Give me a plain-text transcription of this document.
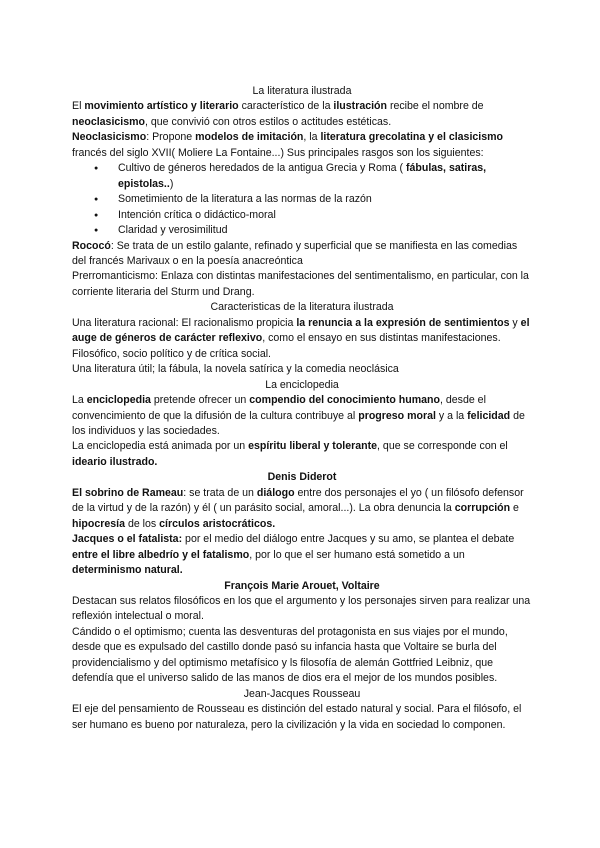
La literatura ilustrada

El movimiento artístico y literario característico de la ilustración recibe el nombre de neoclasicismo, que convivió con otros estilos o actitudes estéticas.

Neoclasicismo: Propone modelos de imitación, la literatura grecolatina y el clasicismo francés del siglo XVII( Moliere La Fontaine...) Sus principales rasgos son los siguientes:

● Cultivo de géneros heredados de la antigua Grecia y Roma ( fábulas, satiras, epistolas..)
● Sometimiento de la literatura a las normas de la razón
● Intención crítica o didáctico-moral
● Claridad y verosimilitud

Rococó: Se trata de un estilo galante, refinado y superficial que se manifiesta en las comedias del francés Marivaux o en la poesía anacreóntica

Prerromanticismo: Enlaza con distintas manifestaciones del sentimentalismo, en particular, con la corriente literaria del Sturm und Drang.

Caracteristicas de la literatura ilustrada

Una literatura racional: El racionalismo propicia la renuncia a la expresión de sentimientos y el auge de géneros de carácter reflexivo, como el ensayo en sus distintas manifestaciones.

Filosófico, socio político y de crítica social.

Una literatura útil; la fábula, la novela satírica y la comedia neoclásica

La enciclopedia

La enciclopedia pretende ofrecer un compendio del conocimiento humano, desde el convencimiento de que la difusión de la cultura contribuye al progreso moral y a la felicidad de los individuos y las sociedades.

La enciclopedia está animada por un espíritu liberal y tolerante, que se corresponde con el ideario ilustrado.

Denis Diderot

El sobrino de Rameau: se trata de un diálogo entre dos personajes el yo ( un filósofo defensor de la virtud y de la razón) y él ( un parásito social, amoral...). La obra denuncia la corrupción e hipocresía de los círculos aristocráticos.

Jacques o el fatalista: por el medio del diálogo entre Jacques y su amo, se plantea el debate entre el libre albedrío y el fatalismo, por lo que el ser humano está sometido a un determinismo natural.

François Marie Arouet, Voltaire

Destacan sus relatos filosóficos en los que el argumento y los personajes sirven para realizar una reflexión intelectual o moral.

Cándido o el optimismo; cuenta las desventuras del protagonista en sus viajes por el mundo, desde que es expulsado del castillo donde pasó su infancia hasta que Voltaire se burla del providencialismo y del optimismo metafísico y ls filosofía de alemán Gottfried Leibniz, que defendía que el universo salido de las manos de dios era el mejor de los mundos posibles.

Jean-Jacques Rousseau

El eje del pensamiento de Rousseau es distinción del estado natural y social. Para el filósofo, el ser humano es bueno por naturaleza, pero la civilización y la vida en sociedad lo componen.
